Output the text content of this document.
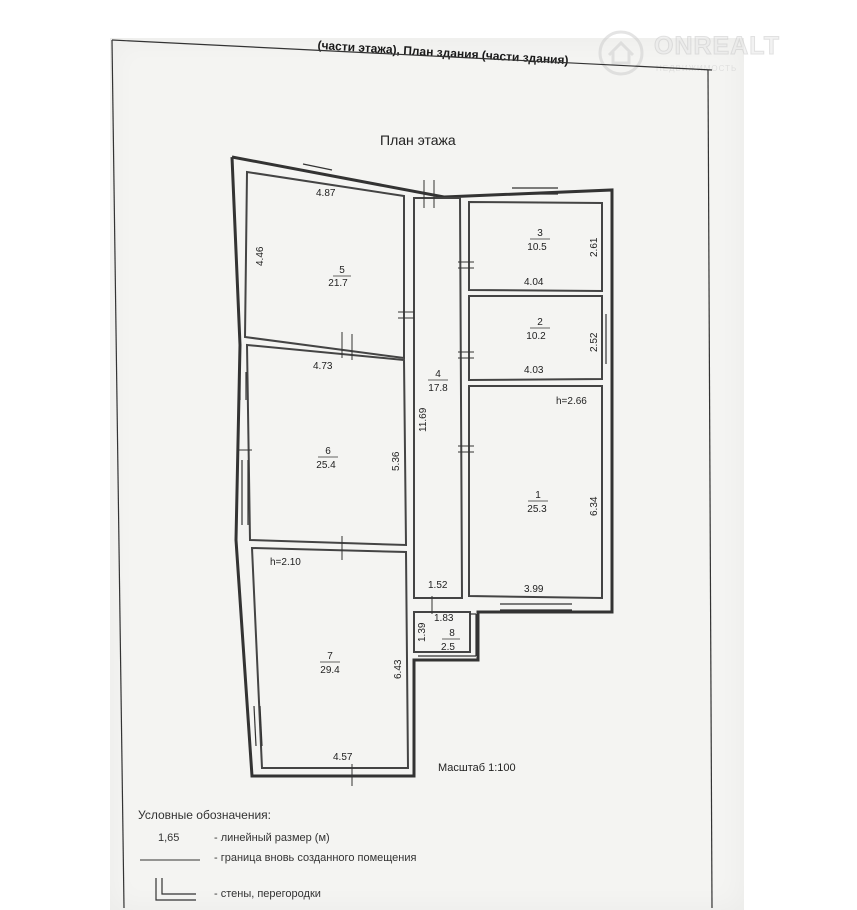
(части этажа), План здания (части здания)	ONREALT
НЕДВИЖИМОСТЬ
План этажа
5
21.7
3
10.5
2
10.2
4
17.8
6
25.4
1
25.3
8
2.5
7
29.4
4.87
4.46
4.73
5.36
2.61
4.04
2.52
4.03
h=2.66
6.34
3.99
11.69
h=2.10
6.43
4.57
1.52
1.83
1.39
Масштаб 1:100
Условные обозначения:
1,65	- линейный размер (м)
- граница вновь созданного помещения
- стены, перегородки
